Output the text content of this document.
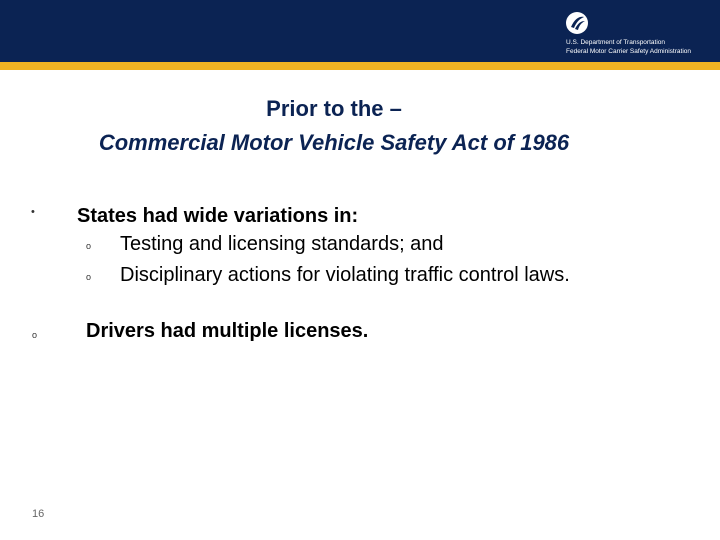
U.S. Department of Transportation
Federal Motor Carrier Safety Administration
Prior to the –
Commercial Motor Vehicle Safety Act of 1986
• States had wide variations in:
o Testing and licensing standards; and
o Disciplinary actions for violating traffic control laws.
o Drivers had multiple licenses.
16
